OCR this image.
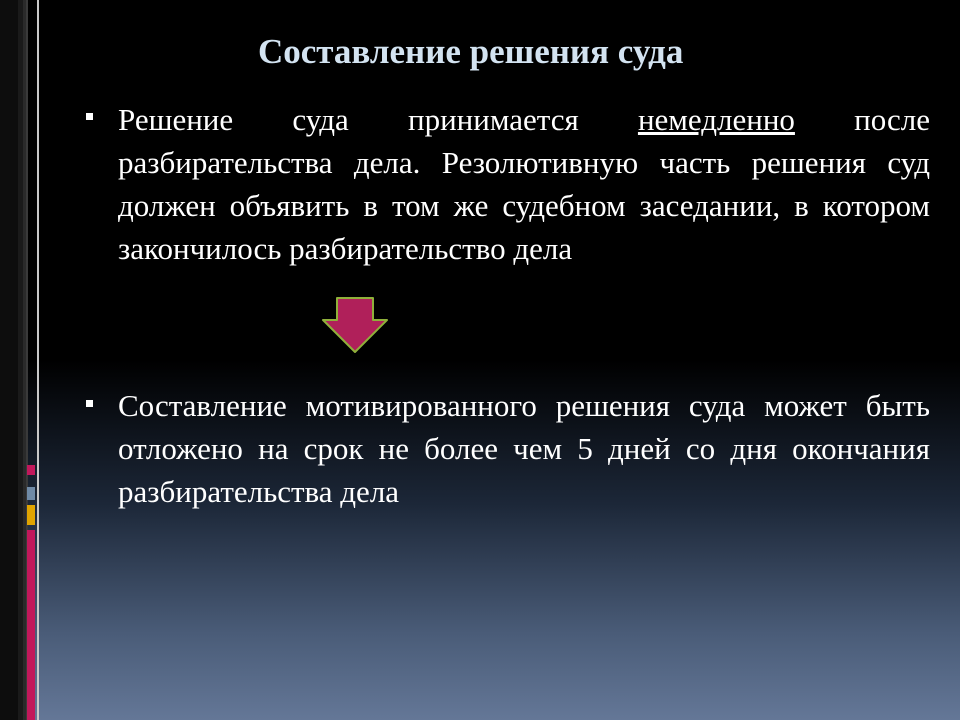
Составление решения суда

Решение суда принимается немедленно после разбирательства дела. Резолютивную часть решения суд должен объявить в том же судебном заседании, в котором закончилось разбирательство дела

Составление мотивированного решения суда может быть отложено на срок не более чем 5 дней со дня окончания разбирательства дела
